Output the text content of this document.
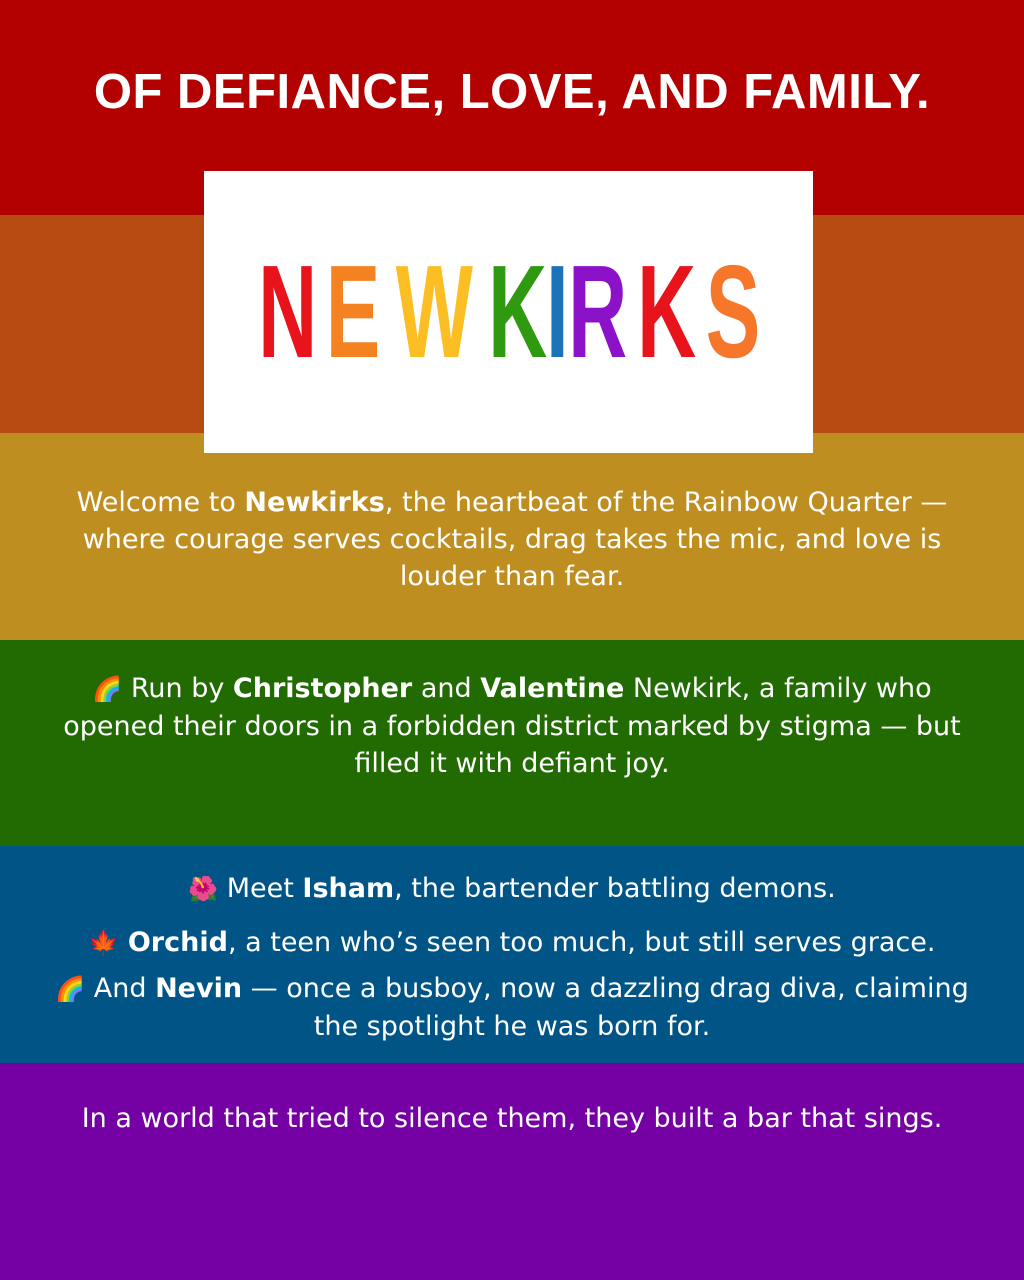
OF DEFIANCE, LOVE, AND FAMILY.
N E W K I R K S
Welcome to Newkirks, the heartbeat of the Rainbow Quarter — where courage serves cocktails, drag takes the mic, and love is louder than fear.
🌈 Run by Christopher and Valentine Newkirk, a family who opened their doors in a forbidden district marked by stigma — but filled it with defiant joy.
🌺 Meet Isham, the bartender battling demons.
🍁 Orchid, a teen who’s seen too much, but still serves grace.
🌈 And Nevin — once a busboy, now a dazzling drag diva, claiming the spotlight he was born for.
In a world that tried to silence them, they built a bar that sings.
